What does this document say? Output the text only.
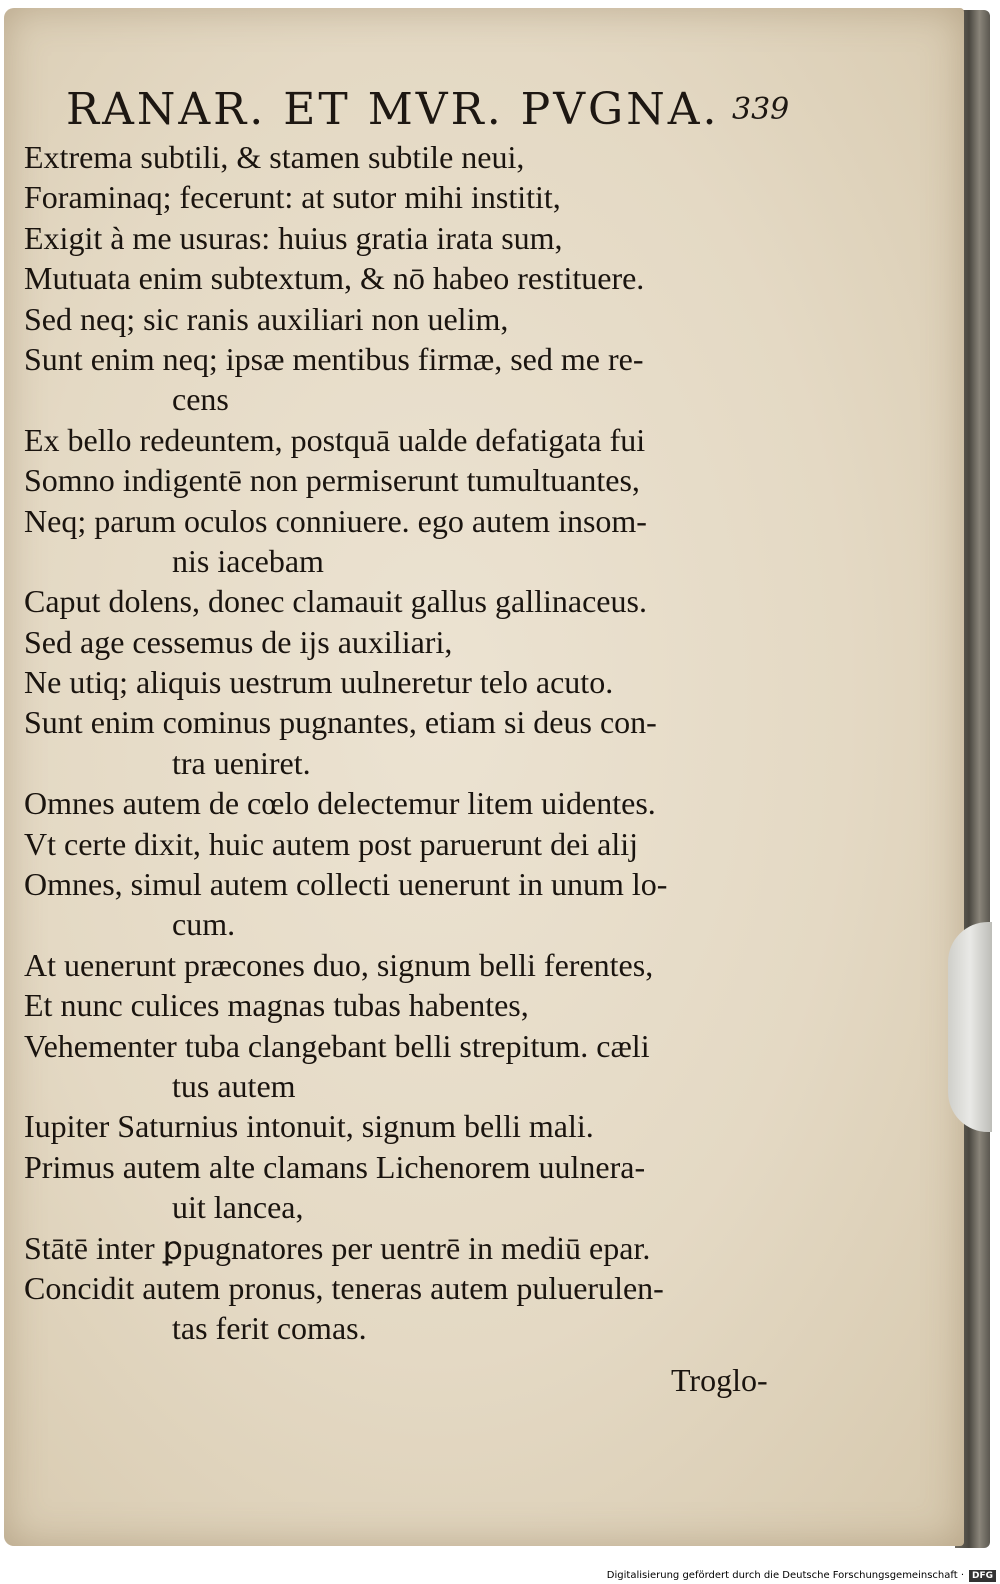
RANAR. ET MVR. PVGNA. 339
Extrema subtili, & stamen subtile neui,
Foraminaq; fecerunt: at sutor mihi institit,
Exigit à me usuras: huius gratia irata sum,
Mutuata enim subtextum, & nō habeo restituere.
Sed neq; sic ranis auxiliari non uelim,
Sunt enim neq; ipsæ mentibus firmæ, sed me re-
cens
Ex bello redeuntem, postquā ualde defatigata fui
Somno indigentē non permiserunt tumultuantes,
Neq; parum oculos conniuere. ego autem insom-
nis iacebam
Caput dolens, donec clamauit gallus gallinaceus.
Sed age cessemus de ijs auxiliari,
Ne utiq; aliquis uestrum uulneretur telo acuto.
Sunt enim cominus pugnantes, etiam si deus con-
tra ueniret.
Omnes autem de cœlo delectemur litem uidentes.
Vt certe dixit, huic autem post paruerunt dei alij
Omnes, simul autem collecti uenerunt in unum lo-
cum.
At uenerunt præcones duo, signum belli ferentes,
Et nunc culices magnas tubas habentes,
Vehementer tuba clangebant belli strepitum. cæli
tus autem
Iupiter Saturnius intonuit, signum belli mali.
Primus autem alte clamans Lichenorem uulnera-
uit lancea,
Stātē inter ꝑpugnatores per uentrē in mediū epar.
Concidit autem pronus, teneras autem puluerulen-
tas ferit comas.
Troglo-
Digitalisierung gefördert durch die Deutsche Forschungsgemeinschaft · DFG
